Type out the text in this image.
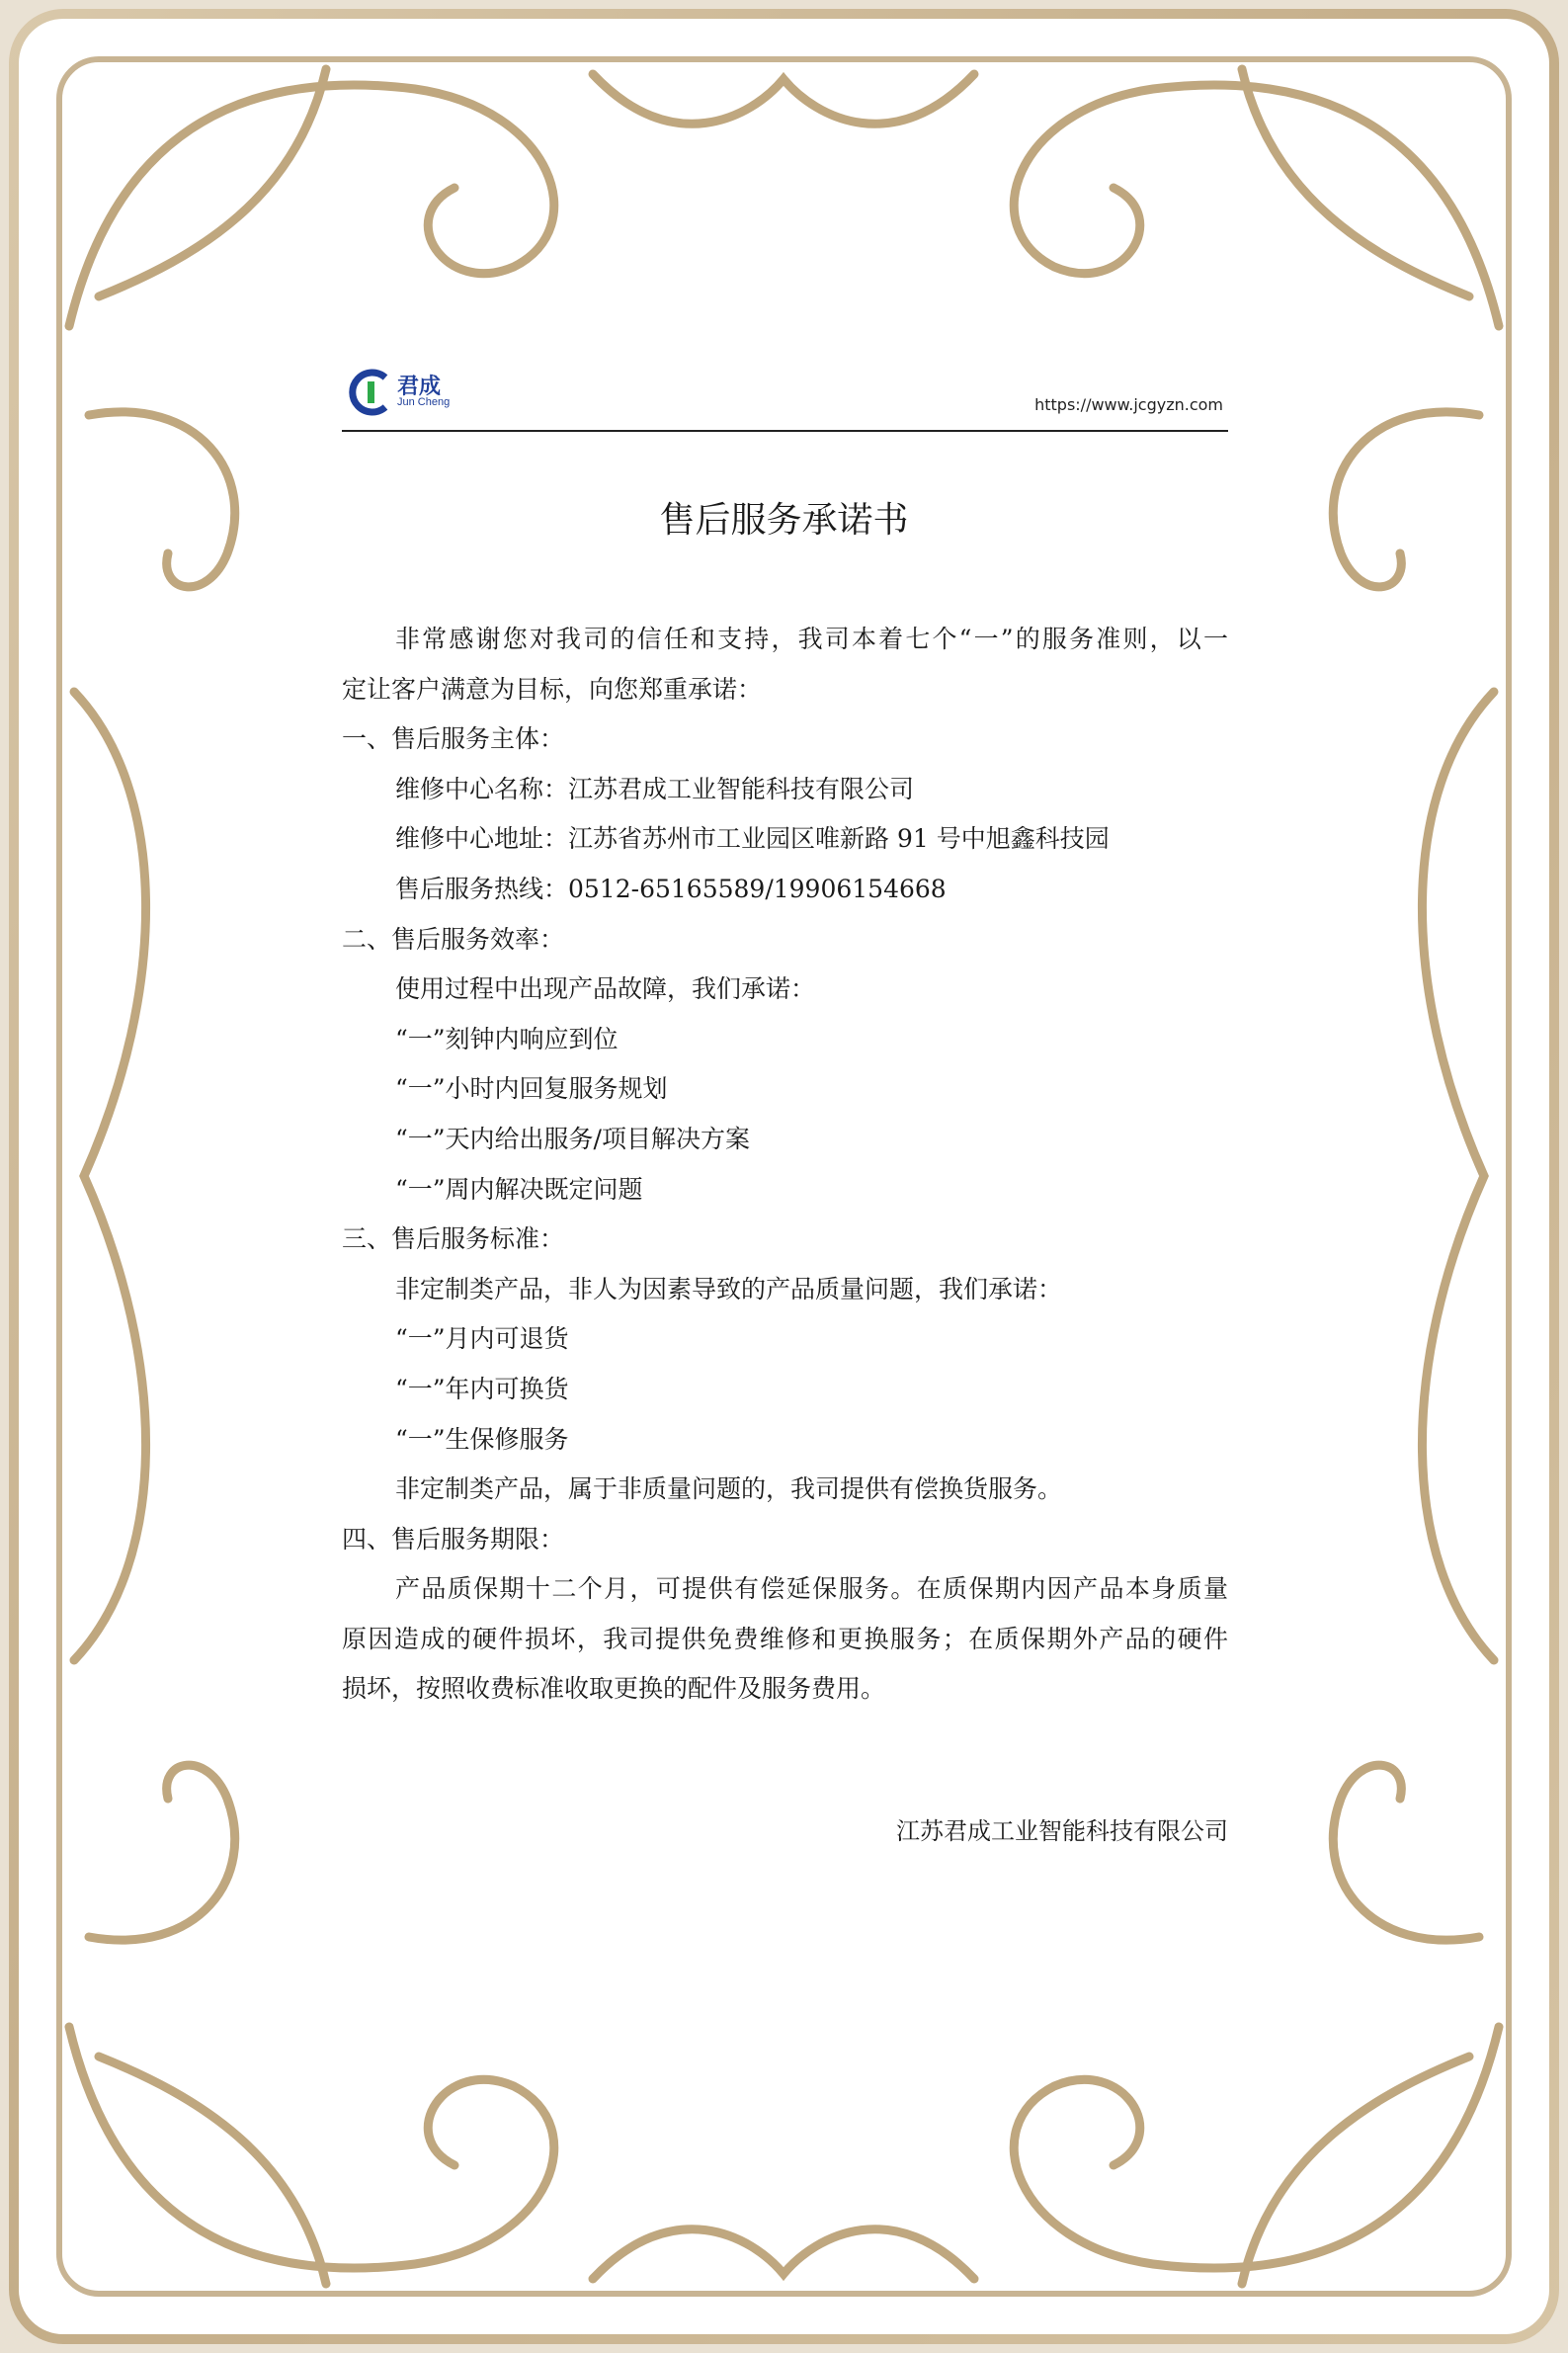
君成
Jun Cheng	https://www.jcgyzn.com
售后服务承诺书
非常感谢您对我司的信任和支持，我司本着七个“一”的服务准则，以一
定让客户满意为目标，向您郑重承诺：
一、售后服务主体：
维修中心名称：江苏君成工业智能科技有限公司
维修中心地址：江苏省苏州市工业园区唯新路 91 号中旭鑫科技园
售后服务热线：0512-65165589/19906154668
二、售后服务效率：
使用过程中出现产品故障，我们承诺：
“一”刻钟内响应到位
“一”小时内回复服务规划
“一”天内给出服务/项目解决方案
“一”周内解决既定问题
三、售后服务标准：
非定制类产品，非人为因素导致的产品质量问题，我们承诺：
“一”月内可退货
“一”年内可换货
“一”生保修服务
非定制类产品，属于非质量问题的，我司提供有偿换货服务。
四、售后服务期限：
产品质保期十二个月，可提供有偿延保服务。在质保期内因产品本身质量
原因造成的硬件损坏，我司提供免费维修和更换服务；在质保期外产品的硬件
损坏，按照收费标准收取更换的配件及服务费用。
江苏君成工业智能科技有限公司
